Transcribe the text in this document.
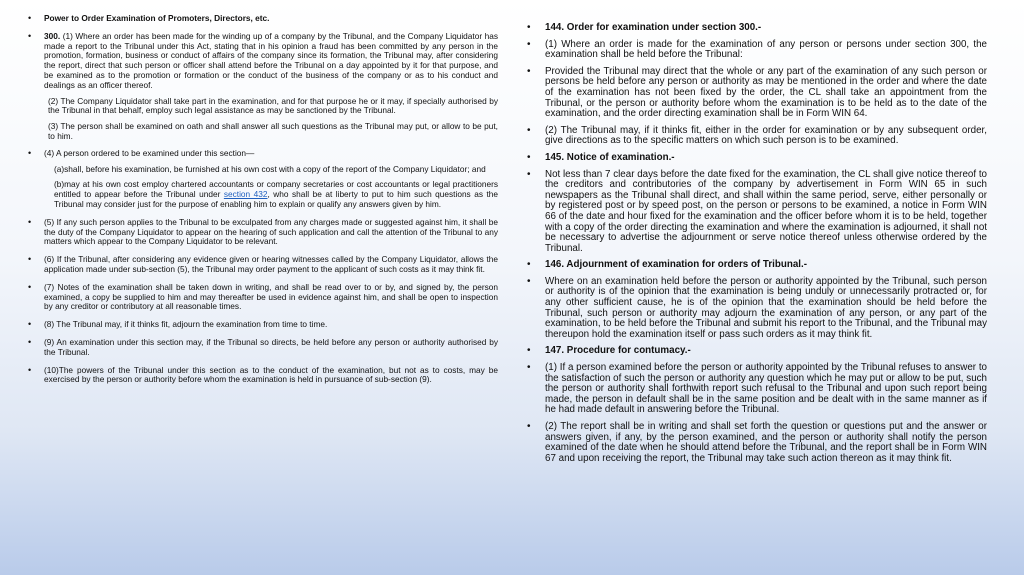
• Power to Order Examination of Promoters, Directors, etc.
• 300. (1) Where an order has been made for the winding up of a company by the Tribunal, and the Company Liquidator has made a report to the Tribunal under this Act, stating that in his opinion a fraud has been committed by any person in the promotion, formation, business or conduct of affairs of the company since its formation, the Tribunal may, after considering the report, direct that such person or officer shall attend before the Tribunal on a day appointed by it for that purpose, and be examined as to the promotion or formation or the conduct of the business of the company or as to his conduct and dealings as an officer thereof.
(2) The Company Liquidator shall take part in the examination, and for that purpose he or it may, if specially authorised by the Tribunal in that behalf, employ such legal assistance as may be sanctioned by the Tribunal.
(3) The person shall be examined on oath and shall answer all such questions as the Tribunal may put, or allow to be put, to him.
• (4) A person ordered to be examined under this section—
(a)shall, before his examination, be furnished at his own cost with a copy of the report of the Company Liquidator; and
(b)may at his own cost employ chartered accountants or company secretaries or cost accountants or legal practitioners entitled to appear before the Tribunal under section 432, who shall be at liberty to put to him such questions as the Tribunal may consider just for the purpose of enabling him to explain or qualify any answers given by him.
• (5) If any such person applies to the Tribunal to be exculpated from any charges made or suggested against him, it shall be the duty of the Company Liquidator to appear on the hearing of such application and call the attention of the Tribunal to any matters which appear to the Company Liquidator to be relevant.
• (6) If the Tribunal, after considering any evidence given or hearing witnesses called by the Company Liquidator, allows the application made under sub-section (5), the Tribunal may order payment to the applicant of such costs as it may think fit.
• (7) Notes of the examination shall be taken down in writing, and shall be read over to or by, and signed by, the person examined, a copy be supplied to him and may thereafter be used in evidence against him, and shall be open to inspection by any creditor or contributory at all reasonable times.
• (8) The Tribunal may, if it thinks fit, adjourn the examination from time to time.
• (9) An examination under this section may, if the Tribunal so directs, be held before any person or authority authorised by the Tribunal.
• (10)The powers of the Tribunal under this section as to the conduct of the examination, but not as to costs, may be exercised by the person or authority before whom the examination is held in pursuance of sub-section (9).
• 144. Order for examination under section 300.-
• (1) Where an order is made for the examination of any person or persons under section 300, the examination shall be held before the Tribunal:
• Provided the Tribunal may direct that the whole or any part of the examination of any such person or persons be held before any person or authority as may be mentioned in the order and where the date of the examination has not been fixed by the order, the CL shall take an appointment from the Tribunal, or the person or authority before whom the examination is to be held as to the date of the examination, and the order directing examination shall be in Form WIN 64.
• (2) The Tribunal may, if it thinks fit, either in the order for examination or by any subsequent order, give directions as to the specific matters on which such person is to be examined.
• 145. Notice of examination.-
• Not less than 7 clear days before the date fixed for the examination, the CL shall give notice thereof to the creditors and contributories of the company by advertisement in Form WIN 65 in such newspapers as the Tribunal shall direct, and shall within the same period, serve, either personally or by registered post or by speed post, on the person or persons to be examined, a notice in Form WIN 66 of the date and hour fixed for the examination and the officer before whom it is to be held, together with a copy of the order directing the examination and where the examination is adjourned, it shall not be necessary to advertise the adjournment or serve notice thereof unless otherwise ordered by the Tribunal.
• 146. Adjournment of examination for orders of Tribunal.-
• Where on an examination held before the person or authority appointed by the Tribunal, such person or authority is of the opinion that the examination is being unduly or unnecessarily protracted or, for any other sufficient cause, he is of the opinion that the examination should be held before the Tribunal, such person or authority may adjourn the examination of any person, or any part of the examination, to be held before the Tribunal and submit his report to the Tribunal, and the Tribunal may thereupon hold the examination itself or pass such orders as it may think fit.
• 147. Procedure for contumacy.-
• (1) If a person examined before the person or authority appointed by the Tribunal refuses to answer to the satisfaction of such the person or authority any question which he may put or allow to be put, such the person or authority shall forthwith report such refusal to the Tribunal and upon such report being made, the person in default shall be in the same position and be dealt with in the same manner as if he had made default in answering before the Tribunal.
• (2) The report shall be in writing and shall set forth the question or questions put and the answer or answers given, if any, by the person examined, and the person or authority shall notify the person examined of the date when he should attend before the Tribunal, and the report shall be in Form WIN 67 and upon receiving the report, the Tribunal may take such action thereon as it may think fit.
